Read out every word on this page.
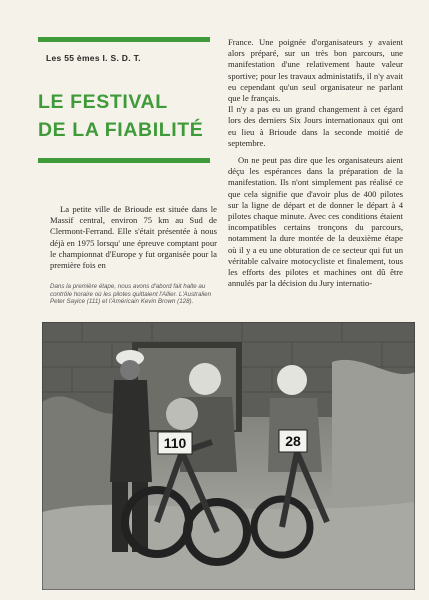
Les 55 èmes I. S. D. T.
LE FESTIVAL
DE LA FIABILITÉ

La petite ville de Brioude est située dans le Massif central, environ 75 km au Sud de Clermont-Ferrand. Elle s'était présentée à nous déjà en 1975 lorsqu' une épreuve comptant pour le championnat d'Europe y fut organisée pour la première fois en

Dans la première étape, nous avons d'abord fait halte au contrôle horaire où les pilotes quittaient l'Allier. L'Australien Peter Sayice (111) et l'Américain Kevin Brown (128).

France. Une poignée d'organisateurs y avaient alors préparé, sur un très bon parcours, une manifestation d'une relativement haute valeur sportive; pour les travaux administatifs, il n'y avait eu cependant qu'un seul organisateur ne parlant que le français.

Il n'y a pas eu un grand changement à cet égard lors des derniers Six Jours internationaux qui ont eu lieu à Brioude dans la seconde moitié de septembre.

On ne peut pas dire que les organisateurs aient déçu les espérances dans la préparation de la manifestation. Ils n'ont simplement pas réalisé ce que cela signifie que d'avoir plus de 400 pilotes sur la ligne de départ et de donner le départ à 4 pilotes chaque minute. Avec ces conditions étaient incompatibles certains tronçons du parcours, notamment la dure montée de la deuxième étape où il y a eu une obturation de ce secteur qui fut un véritable calvaire motocycliste et finalement, tous les efforts des pilotes et machines ont dû être annulés par la décision du Jury internatio-

110	28
